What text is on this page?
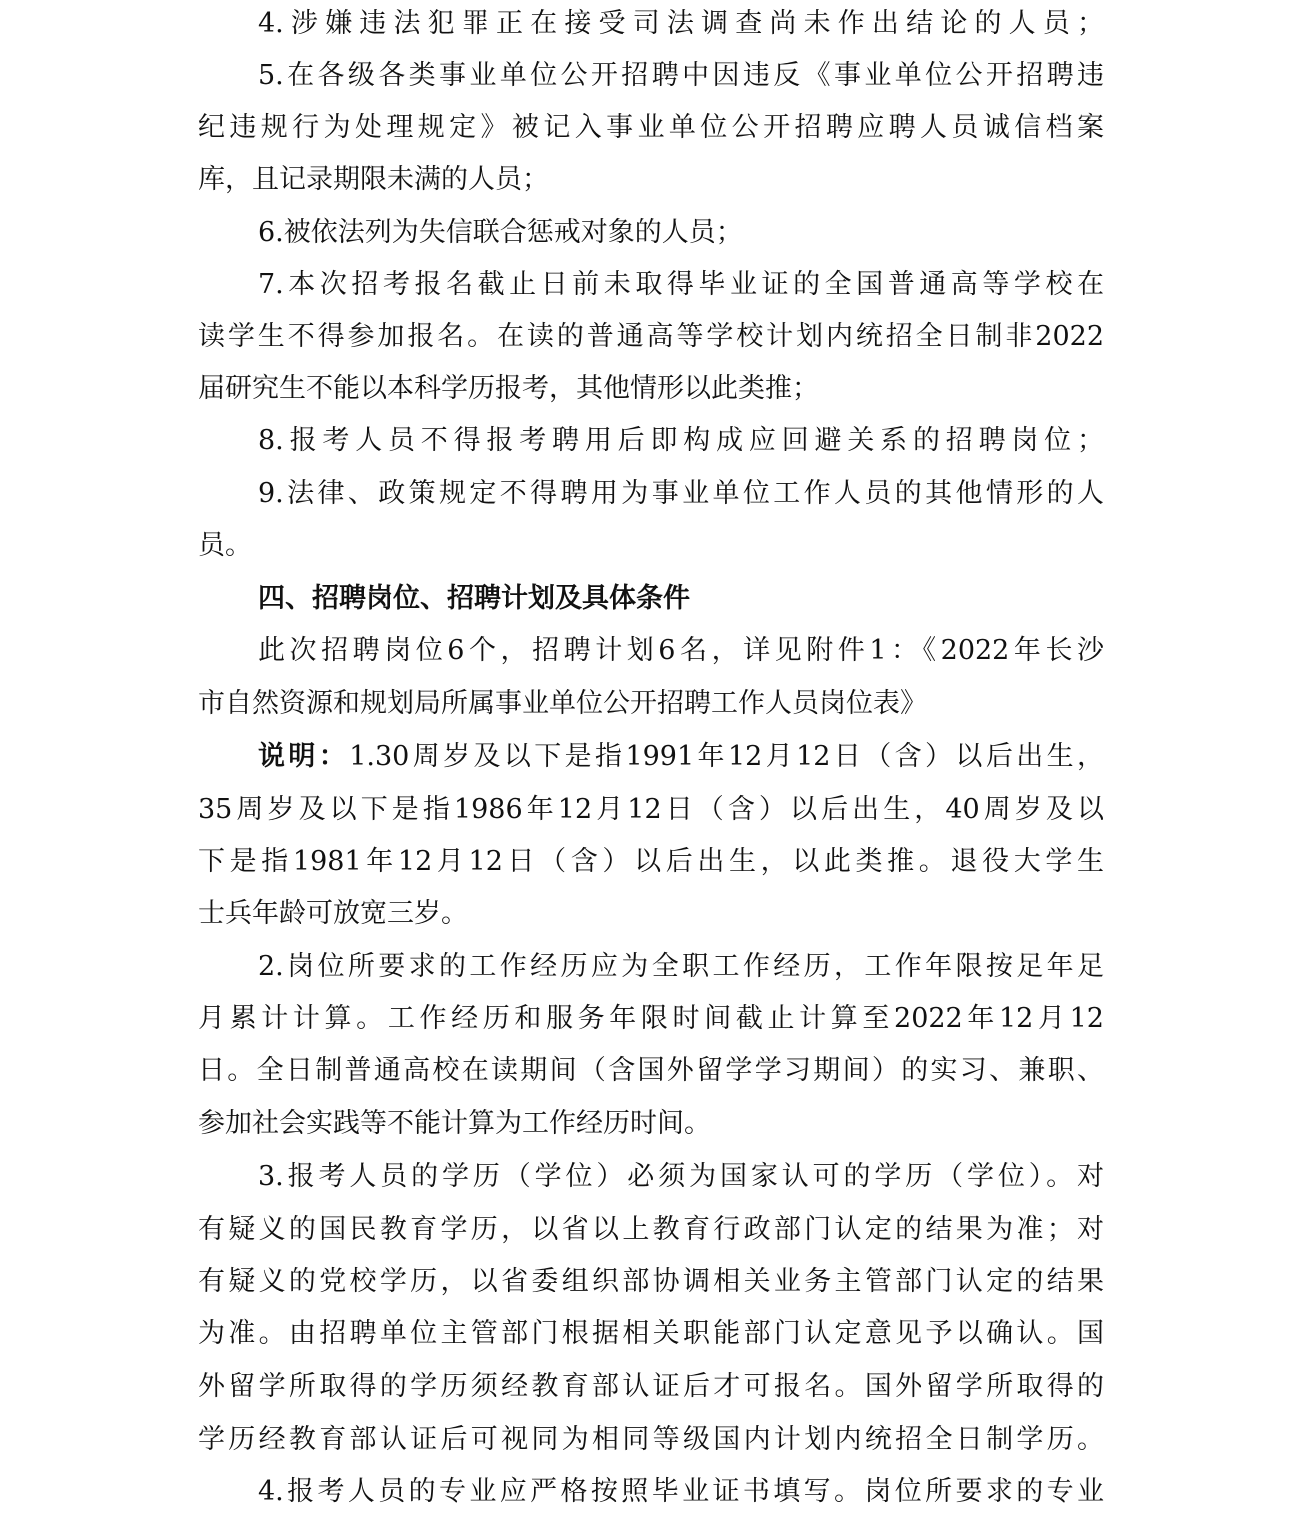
4.涉嫌违法犯罪正在接受司法调查尚未作出结论的人员；
5.在各级各类事业单位公开招聘中因违反《事业单位公开招聘违
纪违规行为处理规定》被记入事业单位公开招聘应聘人员诚信档案
库，且记录期限未满的人员；
6.被依法列为失信联合惩戒对象的人员；
7.本次招考报名截止日前未取得毕业证的全国普通高等学校在
读学生不得参加报名。在读的普通高等学校计划内统招全日制非2022
届研究生不能以本科学历报考，其他情形以此类推；
8.报考人员不得报考聘用后即构成应回避关系的招聘岗位；
9.法律、政策规定不得聘用为事业单位工作人员的其他情形的人
员。
四、招聘岗位、招聘计划及具体条件
此次招聘岗位6个，招聘计划6名，详见附件1：《2022年长沙
市自然资源和规划局所属事业单位公开招聘工作人员岗位表》
说明：1.30周岁及以下是指1991年12月12日（含）以后出生，
35周岁及以下是指1986年12月12日（含）以后出生，40周岁及以
下是指1981年12月12日（含）以后出生，以此类推。退役大学生
士兵年龄可放宽三岁。
2.岗位所要求的工作经历应为全职工作经历，工作年限按足年足
月累计计算。工作经历和服务年限时间截止计算至2022年12月12
日。全日制普通高校在读期间（含国外留学学习期间）的实习、兼职、
参加社会实践等不能计算为工作经历时间。
3.报考人员的学历（学位）必须为国家认可的学历（学位）。对
有疑义的国民教育学历，以省以上教育行政部门认定的结果为准；对
有疑义的党校学历，以省委组织部协调相关业务主管部门认定的结果
为准。由招聘单位主管部门根据相关职能部门认定意见予以确认。国
外留学所取得的学历须经教育部认证后才可报名。国外留学所取得的
学历经教育部认证后可视同为相同等级国内计划内统招全日制学历。
4.报考人员的专业应严格按照毕业证书填写。岗位所要求的专业
